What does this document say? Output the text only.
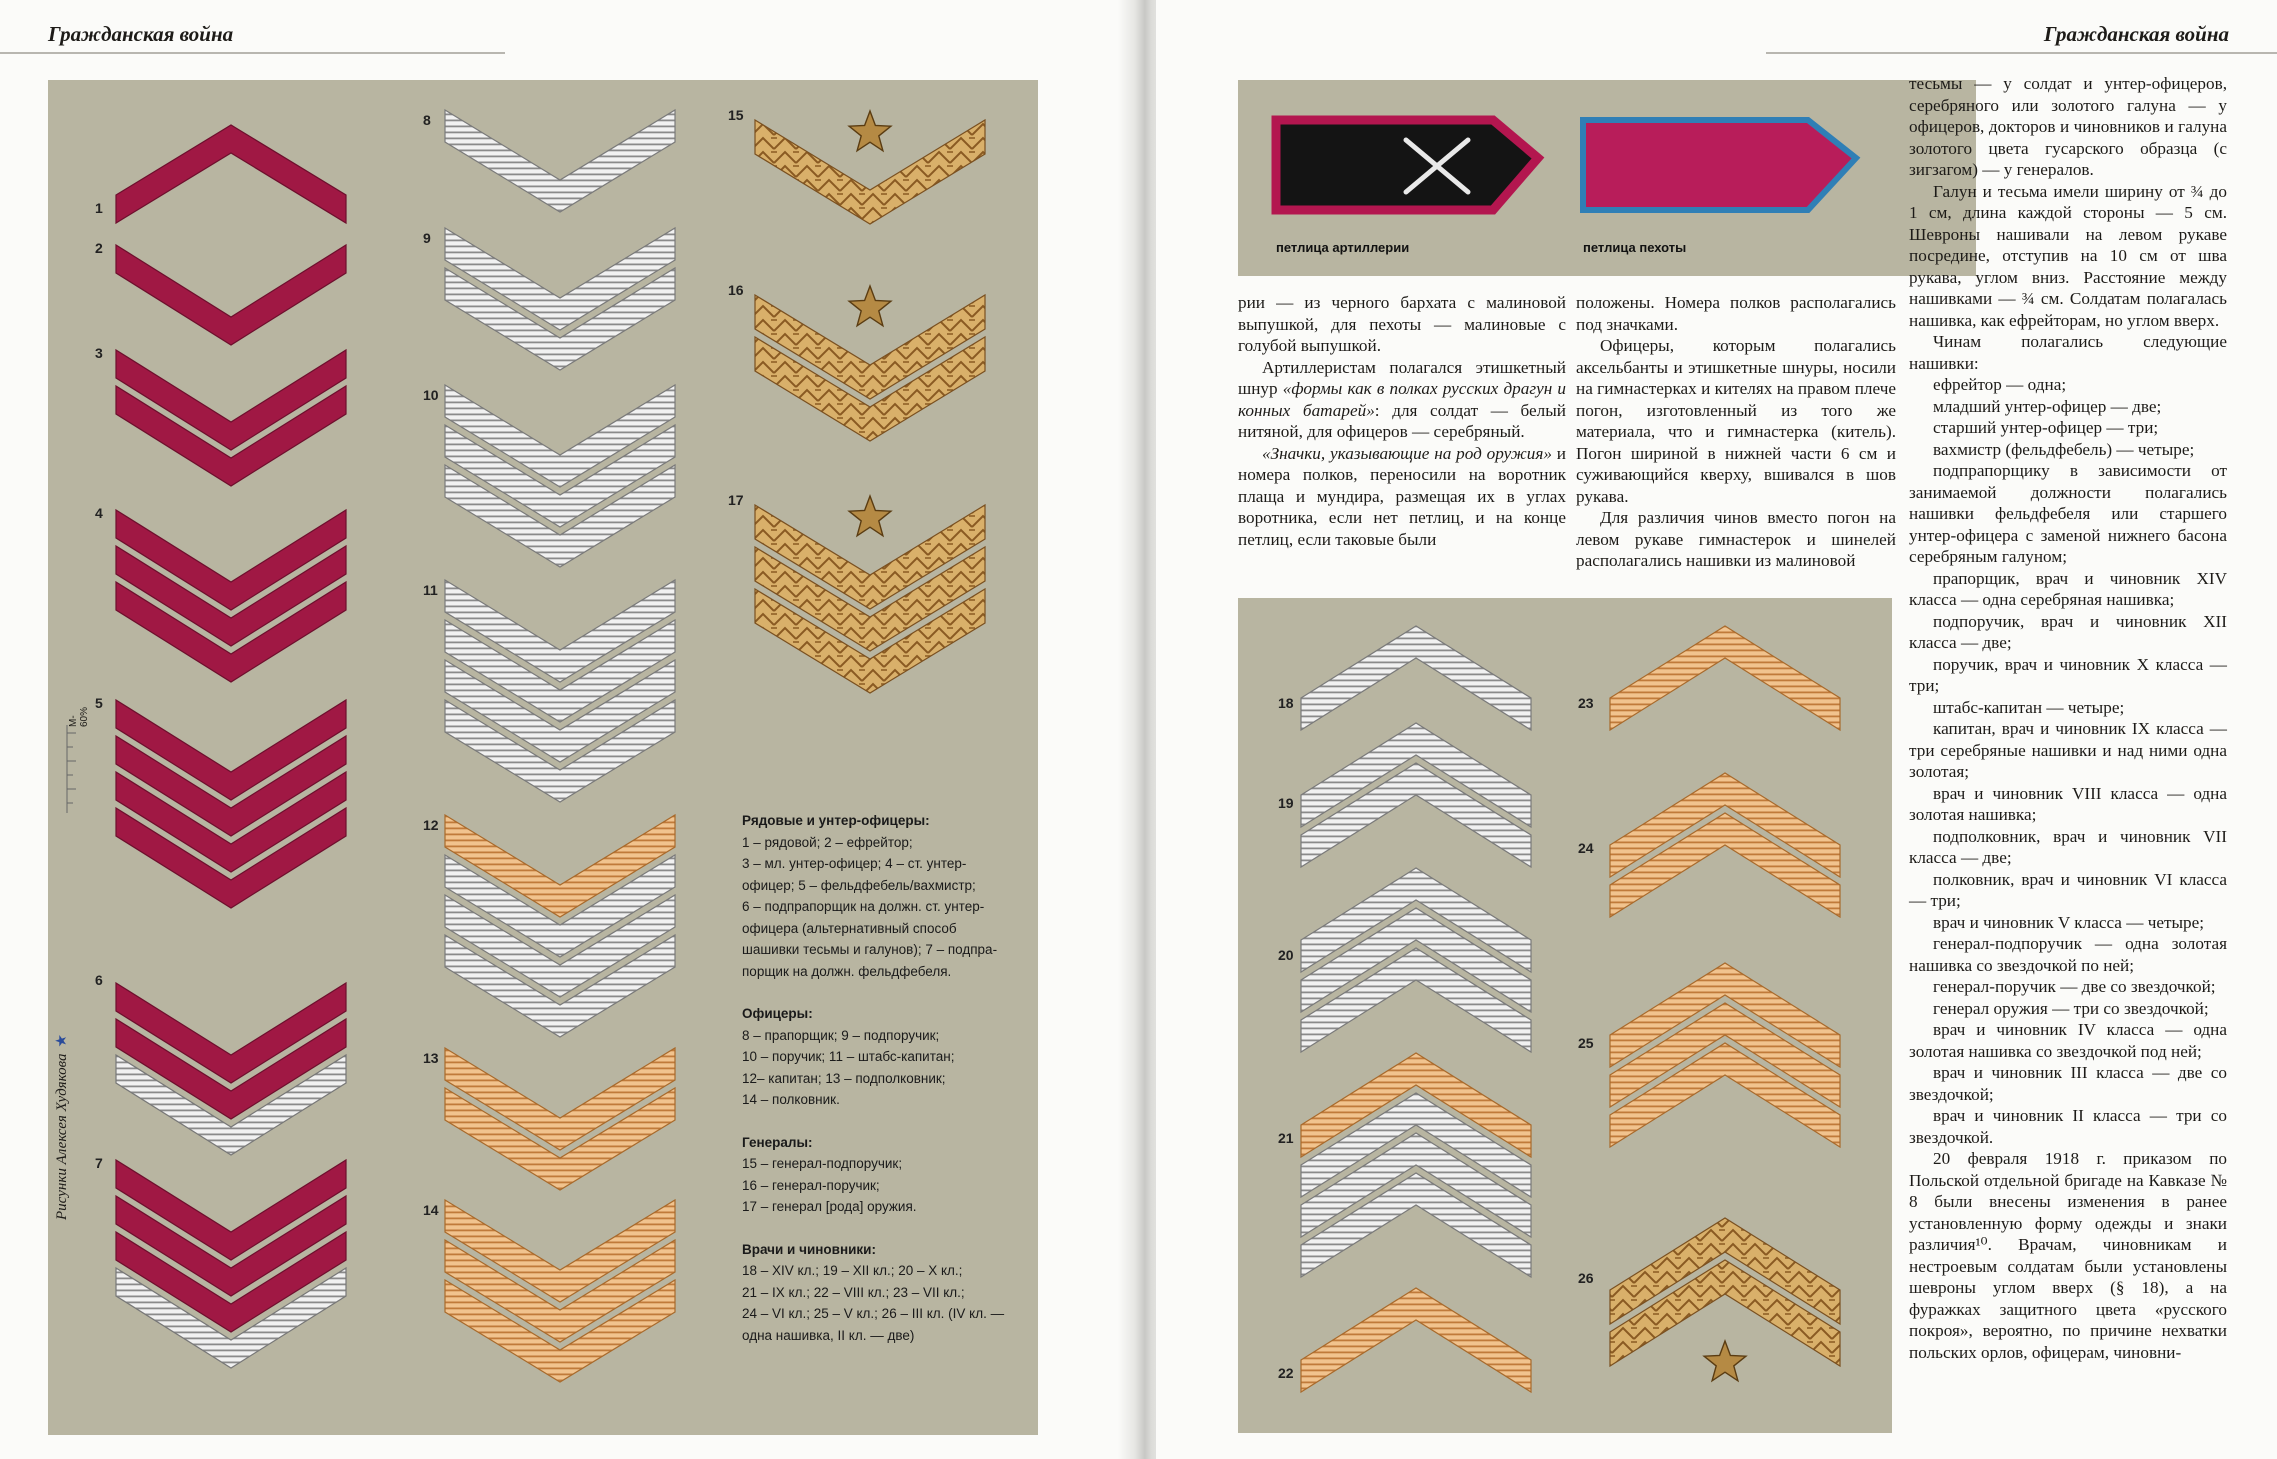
Гражданская война
1
2
3
4
5
6
7
8
9
10
11
12
13
14
15
16
17
Рядовые и унтер-офицеры:
1 – рядовой; 2 – ефрейтор;
3 – мл. унтер-офицер; 4 – ст. унтер-
офицер; 5 – фельдфебель/вахмистр;
6 – подпрапорщик на должн. ст. унтер-
офицера (альтернативный способ
шашивки тесьмы и галунов); 7 – подпра-
порщик на должн. фельдфебеля.
Офицеры:
8 – прапорщик; 9 – подпоручик;
10 – поручик; 11 – штабс-капитан;
12– капитан; 13 – подполковник;
14 – полковник.
Генералы:
15 – генерал-подпоручик;
16 – генерал-поручик;
17 – генерал [рода] оружия.
Врачи и чиновники:
18 – XIV кл.; 19 – XII кл.; 20 – X кл.;
21 – IX кл.; 22 – VIII кл.; 23 – VII кл.;
24 – VI кл.; 25 – V кл.; 26 – III кл. (IV кл. —
одна нашивка, II кл. — две)
M-60%
Рисунки Алексея Худякова★
Гражданская война
петлица артиллерии	петлица пехоты

рии — из черного бархата с малиновой выпушкой, для пехоты — малиновые с голубой выпушкой.

Артиллеристам полагался этишкетный шнур «формы как в полках русских драгун и конных батарей»: для солдат — белый нитяной, для офицеров — серебряный.

«Значки, указывающие на род оружия» и номера полков, переносили на воротник плаща и мундира, размещая их в углах воротника, если нет петлиц, и на конце петлиц, если таковые были

положены. Номера полков располагались под значками.

Офицеры, которым полагались аксельбанты и этишкетные шнуры, носили на гимнастерках и кителях на правом плече погон, изготовленный из того же материала, что и гимнастерка (китель). Погон шириной в нижней части 6 см и суживающийся кверху, вшивался в шов рукава.

Для различия чинов вместо погон на левом рукаве гимнастерок и шинелей располагались нашивки из малиновой

тесьмы — у солдат и унтер-офицеров, серебряного или золотого галуна — у офицеров, докторов и чиновников и галуна золотого цвета гусарского образца (с зигзагом) — у генералов.

Галун и тесьма имели ширину от ¾ до 1 см, длина каждой стороны — 5 см. Шевроны нашивали на левом рукаве посредине, отступив на 10 см от шва рукава, углом вниз. Расстояние между нашивками — ¾ см. Солдатам полагалась нашивка, как ефрейторам, но углом вверх.

Чинам полагались следующие нашивки:

ефрейтор — одна;

младший унтер-офицер — две;

старший унтер-офицер — три;

вахмистр (фельдфебель) — четыре;

подпрапорщику в зависимости от занимаемой должности полагались нашивки фельдфебеля или старшего унтер-офицера с заменой нижнего басона серебряным галуном;

прапорщик, врач и чиновник XIV класса — одна серебряная нашивка;

подпоручик, врач и чиновник XII класса — две;

поручик, врач и чиновник X класса — три;

штабс-капитан — четыре;

капитан, врач и чиновник IX класса — три серебряные нашивки и над ними одна золотая;

врач и чиновник VIII класса — одна золотая нашивка;

подполковник, врач и чиновник VII класса — две;

полковник, врач и чиновник VI класса — три;

врач и чиновник V класса — четыре;

генерал-подпоручик — одна золотая нашивка со звездочкой по ней;

генерал-поручик — две со звездочкой;

генерал оружия — три со звездочкой;

врач и чиновник IV класса — одна золотая нашивка со звездочкой под ней;

врач и чиновник III класса — две со звездочкой;

врач и чиновник II класса — три со звездочкой.

20 февраля 1918 г. приказом по Польской отдельной бригаде на Кавказе № 8 были внесены изменения в ранее установленную форму одежды и знаки различия¹⁰. Врачам, чиновникам и нестроевым солдатам были установлены шевроны углом вверх (§ 18), а на фуражках защитного цвета «русского покроя», вероятно, по причине нехватки польских орлов, офицерам, чиновни-

18
19
20
21
22
23
24
25
26
